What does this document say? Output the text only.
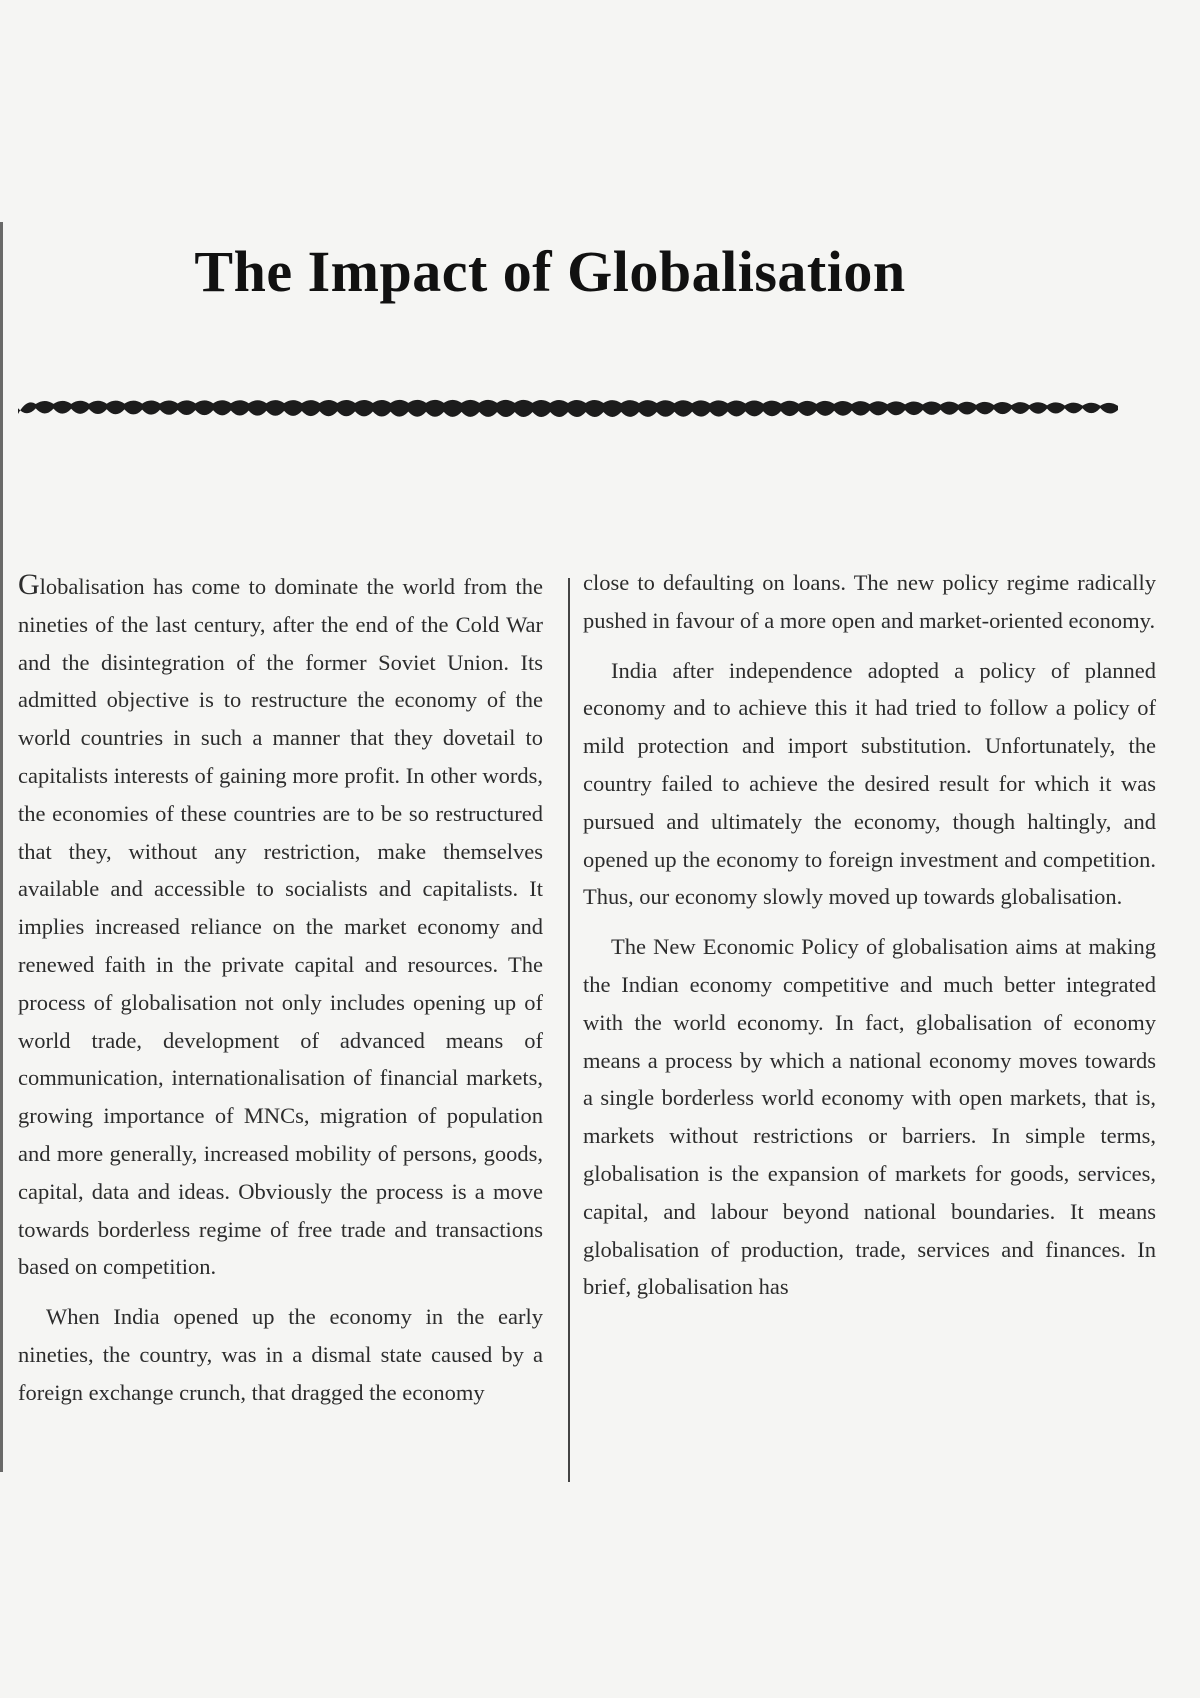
The Impact of Globalisation

Globalisation has come to dominate the world from the nineties of the last century, after the end of the Cold War and the disintegration of the former Soviet Union. Its admitted objective is to restructure the economy of the world countries in such a manner that they dovetail to capitalists interests of gaining more profit. In other words, the economies of these countries are to be so restructured that they, without any restriction, make themselves available and accessible to socialists and capitalists. It implies increased reliance on the market economy and renewed faith in the private capital and resources. The process of globalisation not only includes opening up of world trade, development of advanced means of communication, internationalisation of financial markets, growing importance of MNCs, migration of population and more generally, increased mobility of persons, goods, capital, data and ideas. Obviously the process is a move towards borderless regime of free trade and transactions based on competition.

When India opened up the economy in the early nineties, the country, was in a dismal state caused by a foreign exchange crunch, that dragged the economy

close to defaulting on loans. The new policy regime radically pushed in favour of a more open and market-oriented economy.

India after independence adopted a policy of planned economy and to achieve this it had tried to follow a policy of mild protection and import substitution. Unfortunately, the country failed to achieve the desired result for which it was pursued and ultimately the economy, though haltingly, and opened up the economy to foreign investment and competition. Thus, our economy slowly moved up towards globalisation.

The New Economic Policy of globalisation aims at making the Indian economy competitive and much better integrated with the world economy. In fact, globalisation of economy means a process by which a national economy moves towards a single borderless world economy with open markets, that is, markets without restrictions or barriers. In simple terms, globalisation is the expansion of markets for goods, services, capital, and labour beyond national boundaries. It means globalisation of production, trade, services and finances. In brief, globalisation has
